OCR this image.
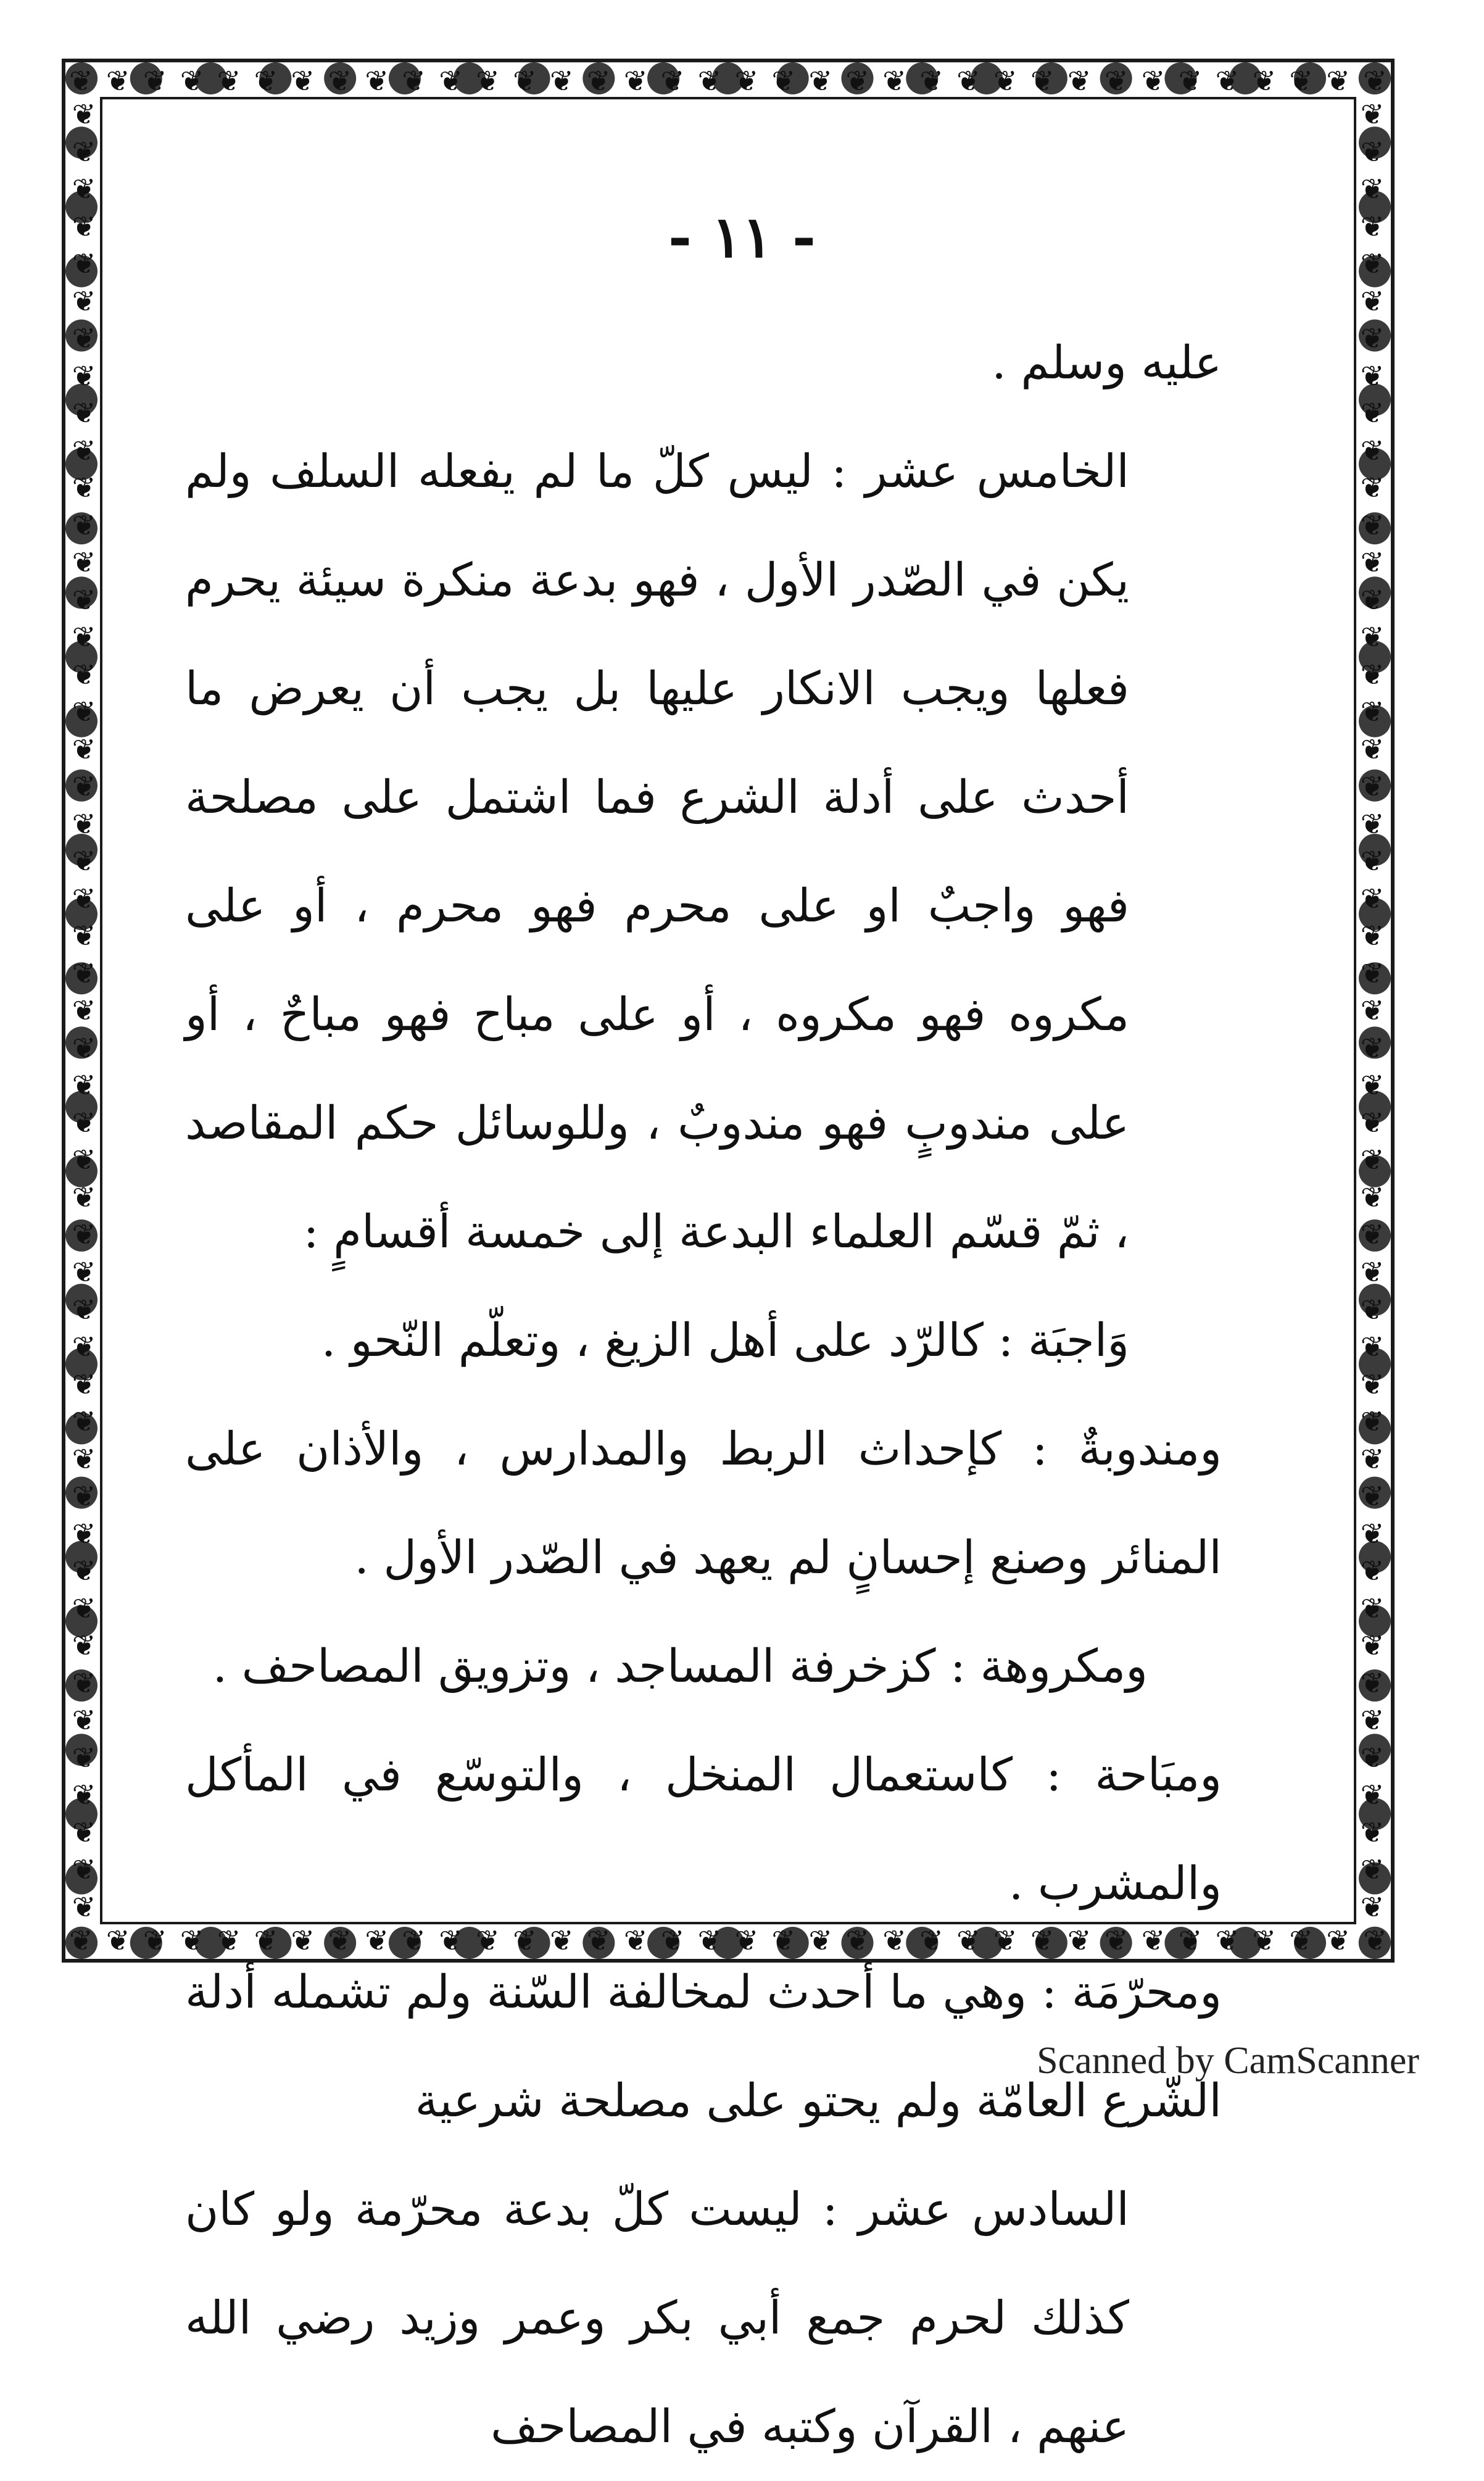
❦ ❦ ❦ ❦ ❦ ❦ ❦ ❦ ❦ ❦ ❦ ❦ ❦ ❦ ❦ ❦ ❦ ❦ ❦ ❦ ❦ ❦ ❦ ❦ ❦ ❦ ❦ ❦ ❦ ❦ ❦ ❦ ❦ ❦ ❦ ❦
❦ ❦ ❦ ❦ ❦ ❦ ❦ ❦ ❦ ❦ ❦ ❦ ❦ ❦ ❦ ❦ ❦ ❦ ❦ ❦ ❦ ❦ ❦ ❦ ❦ ❦ ❦ ❦ ❦ ❦ ❦ ❦ ❦ ❦ ❦ ❦
❦
❦
❦
❦
❦
❦
❦
❦
❦
❦
❦
❦
❦
❦
❦
❦
❦
❦
❦
❦
❦
❦
❦
❦
❦
❦
❦
❦
❦
❦
❦
❦
❦
❦
❦
❦
❦
❦
❦
❦
❦
❦
❦
❦
❦
❦
❦
❦
❦
❦
❦
❦
❦
❦
❦
❦
❦
❦
❦
❦
❦
❦
❦
❦
❦
❦
❦
❦
❦
❦
❦
❦
❦
❦
❦
❦
❦
❦
❦
❦
❦
❦
❦
❦
❦
❦
❦
❦
❦
❦
❦
❦
❦
❦
❦
❦
❦
❦
- ١١ -

عليه وسلم .

الخامس عشر : ليس كلّ ما لم يفعله السلف ولم يكن في الصّدر الأول ، فهو بدعة منكرة سيئة يحرم فعلها ويجب الانكار عليها بل يجب أن يعرض ما أحدث على أدلة الشرع فما اشتمل على مصلحة فهو واجبٌ او على محرم فهو محرم ، أو على مكروه فهو مكروه ، أو على مباح فهو مباحٌ ، أو على مندوبٍ فهو مندوبٌ ، وللوسائل حكم المقاصد ، ثمّ قسّم العلماء البدعة إلى خمسة أقسامٍ :

وَاجبَة : كالرّد على أهل الزيغ ، وتعلّم النّحو .

ومندوبةٌ : كإحداث الربط والمدارس ، والأذان على المنائر وصنع إحسانٍ لم يعهد في الصّدر الأول .

ومكروهة : كزخرفة المساجد ، وتزويق المصاحف .

ومبَاحة : كاستعمال المنخل ، والتوسّع في المأكل والمشرب .

ومحرّمَة : وهي ما أحدث لمخالفة السّنة ولم تشمله أدلة الشّرع العامّة ولم يحتو على مصلحة شرعية

السادس عشر : ليست كلّ بدعة محرّمة ولو كان كذلك لحرم جمع أبي بكر وعمر وزيد رضي الله عنهم ، القرآن وكتبه في المصاحف

Scanned by CamScanner
